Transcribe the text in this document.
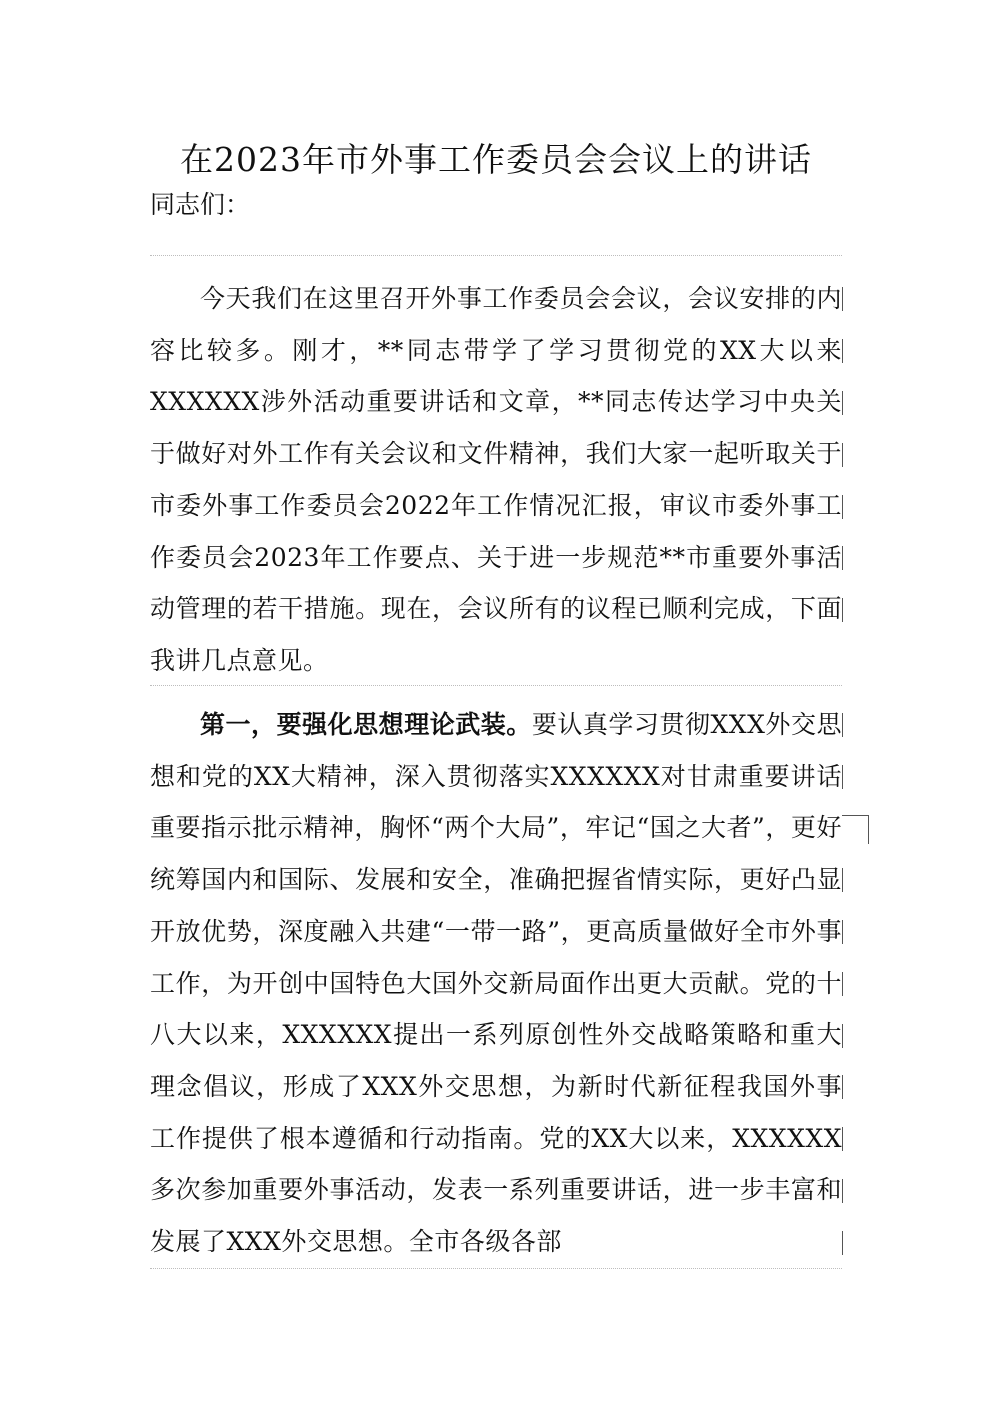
在2023年市外事工作委员会会议上的讲话

同志们：

今天我们在这里召开外事工作委员会会议，会议安排的内容比较多。刚才，**同志带学了学习贯彻党的XX大以来XXXXXX涉外活动重要讲话和文章，**同志传达学习中央关于做好对外工作有关会议和文件精神，我们大家一起听取关于市委外事工作委员会2022年工作情况汇报，审议市委外事工作委员会2023年工作要点、关于进一步规范**市重要外事活动管理的若干措施。现在，会议所有的议程已顺利完成，下面我讲几点意见。

第一，要强化思想理论武装。要认真学习贯彻XXX外交思想和党的XX大精神，深入贯彻落实XXXXXX对甘肃重要讲话重要指示批示精神，胸怀“两个大局”，牢记“国之大者”，更好统筹国内和国际、发展和安全，准确把握省情实际，更好凸显开放优势，深度融入共建“一带一路”，更高质量做好全市外事工作，为开创中国特色大国外交新局面作出更大贡献。党的十八大以来，XXXXXX提出一系列原创性外交战略策略和重大理念倡议，形成了XXX外交思想，为新时代新征程我国外事工作提供了根本遵循和行动指南。党的XX大以来，XXXXXX多次参加重要外事活动，发表一系列重要讲话，进一步丰富和发展了XXX外交思想。全市各级各部
